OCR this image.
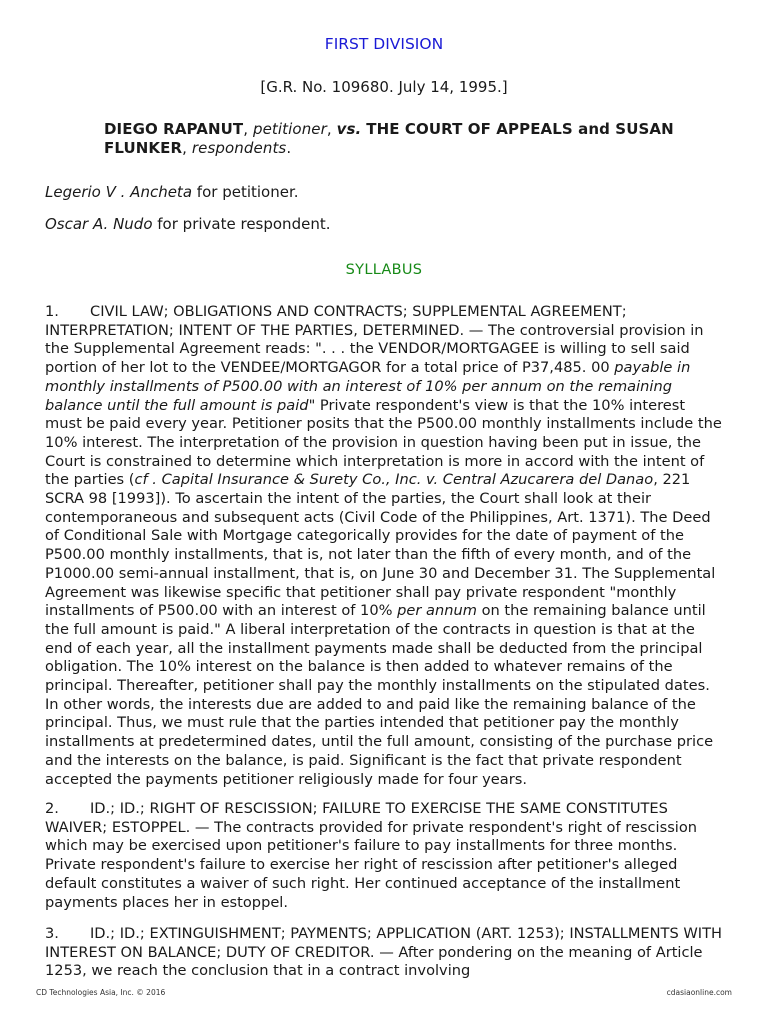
FIRST DIVISION
[G.R. No. 109680. July 14, 1995.]
DIEGO RAPANUT, petitioner, vs. THE COURT OF APPEALS and SUSAN FLUNKER, respondents.
Legerio V . Ancheta for petitioner.
Oscar A. Nudo for private respondent.
SYLLABUS
1. CIVIL LAW; OBLIGATIONS AND CONTRACTS; SUPPLEMENTAL AGREEMENT; INTERPRETATION; INTENT OF THE PARTIES, DETERMINED. — The controversial provision in the Supplemental Agreement reads: ". . . the VENDOR/MORTGAGEE is willing to sell said portion of her lot to the VENDEE/MORTGAGOR for a total price of P37,485. 00 payable in monthly installments of P500.00 with an interest of 10% per annum on the remaining balance until the full amount is paid" Private respondent's view is that the 10% interest must be paid every year. Petitioner posits that the P500.00 monthly installments include the 10% interest. The interpretation of the provision in question having been put in issue, the Court is constrained to determine which interpretation is more in accord with the intent of the parties (cf . Capital Insurance & Surety Co., Inc. v. Central Azucarera del Danao, 221 SCRA 98 [1993]). To ascertain the intent of the parties, the Court shall look at their contemporaneous and subsequent acts (Civil Code of the Philippines, Art. 1371). The Deed of Conditional Sale with Mortgage categorically provides for the date of payment of the P500.00 monthly installments, that is, not later than the fifth of every month, and of the P1000.00 semi-annual installment, that is, on June 30 and December 31. The Supplemental Agreement was likewise specific that petitioner shall pay private respondent "monthly installments of P500.00 with an interest of 10% per annum on the remaining balance until the full amount is paid." A liberal interpretation of the contracts in question is that at the end of each year, all the installment payments made shall be deducted from the principal obligation. The 10% interest on the balance is then added to whatever remains of the principal. Thereafter, petitioner shall pay the monthly installments on the stipulated dates. In other words, the interests due are added to and paid like the remaining balance of the principal. Thus, we must rule that the parties intended that petitioner pay the monthly installments at predetermined dates, until the full amount, consisting of the purchase price and the interests on the balance, is paid. Significant is the fact that private respondent accepted the payments petitioner religiously made for four years.
2. ID.; ID.; RIGHT OF RESCISSION; FAILURE TO EXERCISE THE SAME CONSTITUTES WAIVER; ESTOPPEL. — The contracts provided for private respondent's right of rescission which may be exercised upon petitioner's failure to pay installments for three months. Private respondent's failure to exercise her right of rescission after petitioner's alleged default constitutes a waiver of such right. Her continued acceptance of the installment payments places her in estoppel.
3. ID.; ID.; EXTINGUISHMENT; PAYMENTS; APPLICATION (ART. 1253); INSTALLMENTS WITH INTEREST ON BALANCE; DUTY OF CREDITOR. — After pondering on the meaning of Article 1253, we reach the conclusion that in a contract involving
CD Technologies Asia, Inc. © 2016	cdasiaonline.com
